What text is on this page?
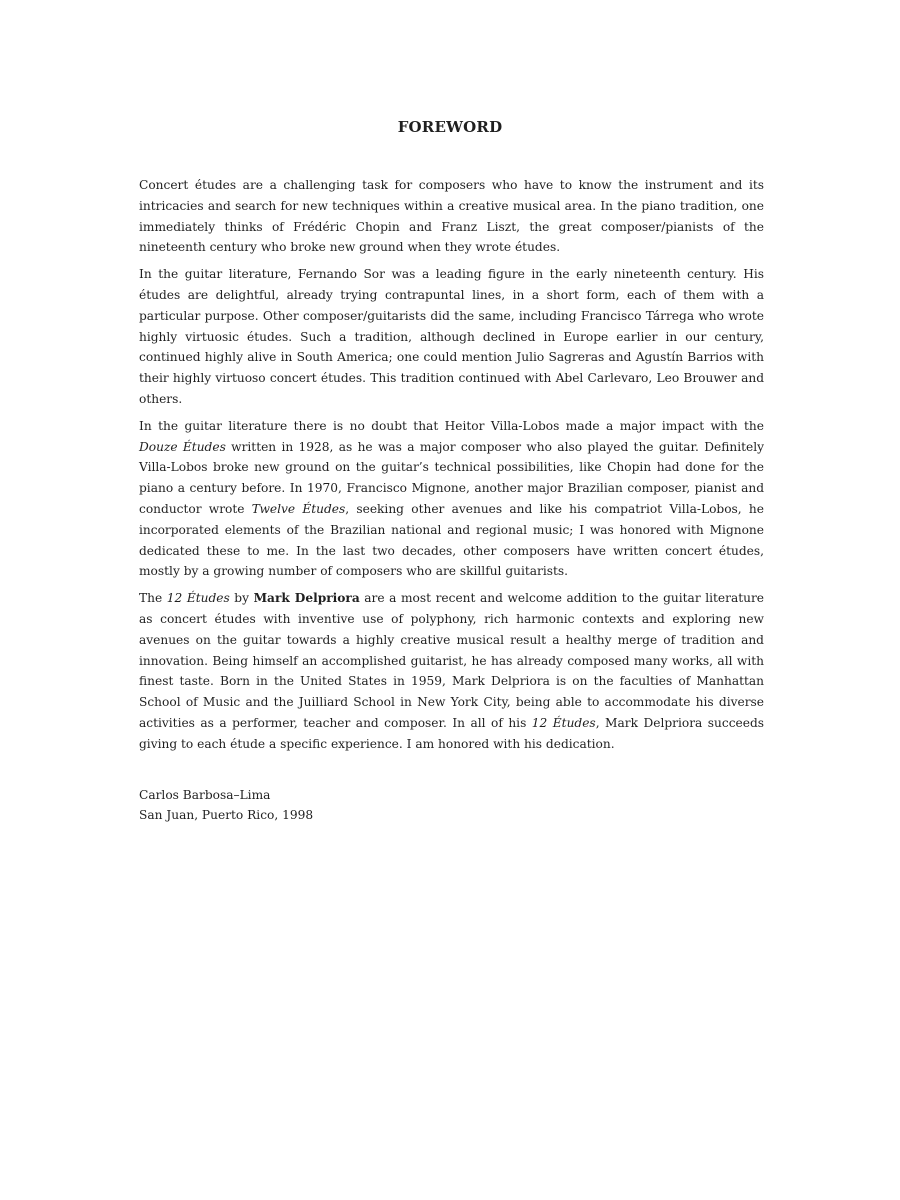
FOREWORD

Concert études are a challenging task for composers who have to know the instrument and its intricacies and search for new techniques within a creative musical area. In the piano tradition, one immediately thinks of Frédéric Chopin and Franz Liszt, the great composer/pianists of the nineteenth century who broke new ground when they wrote études.

In the guitar literature, Fernando Sor was a leading figure in the early nineteenth century. His études are delightful, already trying contrapuntal lines, in a short form, each of them with a particular purpose. Other composer/guitarists did the same, including Francisco Tárrega who wrote highly virtuosic études. Such a tradition, although declined in Europe earlier in our century, continued highly alive in South America; one could mention Julio Sagreras and Agustín Barrios with their highly virtuoso concert études. This tradition continued with Abel Carlevaro, Leo Brouwer and others.

In the guitar literature there is no doubt that Heitor Villa-Lobos made a major impact with the Douze Études written in 1928, as he was a major composer who also played the guitar. Definitely Villa-Lobos broke new ground on the guitar’s technical possibilities, like Chopin had done for the piano a century before. In 1970, Francisco Mignone, another major Brazilian composer, pianist and conductor wrote Twelve Études, seeking other avenues and like his compatriot Villa-Lobos, he incorporated elements of the Brazilian national and regional music; I was honored with Mignone dedicated these to me. In the last two decades, other composers have written concert études, mostly by a growing number of composers who are skillful guitarists.

The 12 Études by Mark Delpriora are a most recent and welcome addition to the guitar literature as concert études with inventive use of polyphony, rich harmonic contexts and exploring new avenues on the guitar towards a highly creative musical result a healthy merge of tradition and innovation. Being himself an accomplished guitarist, he has already composed many works, all with finest taste. Born in the United States in 1959, Mark Delpriora is on the faculties of Manhattan School of Music and the Juilliard School in New York City, being able to accommodate his diverse activities as a performer, teacher and composer. In all of his 12 Études, Mark Delpriora succeeds giving to each étude a specific experience. I am honored with his dedication.

Carlos Barbosa–Lima
San Juan, Puerto Rico, 1998
